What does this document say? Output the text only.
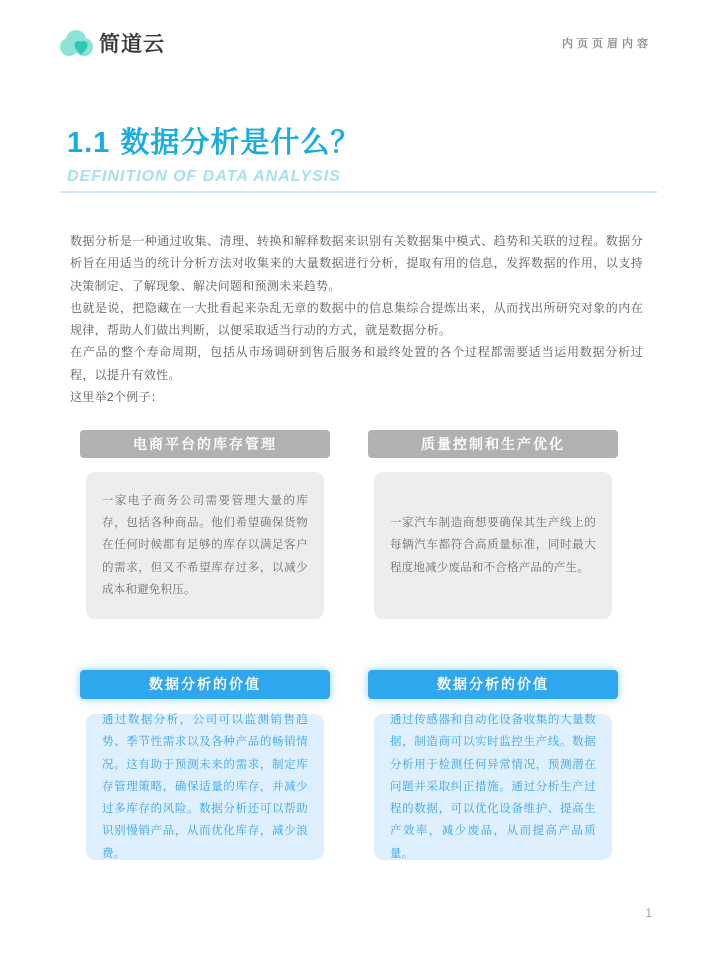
简道云	内页页眉内容
1.1 数据分析是什么？
DEFINITION OF DATA ANALYSIS

数据分析是一种通过收集、清理、转换和解释数据来识别有关数据集中模式、趋势和关联的过程。数据分析旨在用适当的统计分析方法对收集来的大量数据进行分析，提取有用的信息，发挥数据的作用，以支持决策制定、了解现象、解决问题和预测未来趋势。

也就是说，把隐藏在一大批看起来杂乱无章的数据中的信息集综合提炼出来，从而找出所研究对象的内在规律，帮助人们做出判断，以便采取适当行动的方式，就是数据分析。

在产品的整个寿命周期，包括从市场调研到售后服务和最终处置的各个过程都需要适当运用数据分析过程，以提升有效性。

这里举2个例子：

电商平台的库存管理
一家电子商务公司需要管理大量的库存，包括各种商品。他们希望确保货物在任何时候都有足够的库存以满足客户的需求，但又不希望库存过多，以减少成本和避免积压。
数据分析的价值
通过数据分析，公司可以监测销售趋势、季节性需求以及各种产品的畅销情况。这有助于预测未来的需求，制定库存管理策略，确保适量的库存，并减少过多库存的风险。数据分析还可以帮助识别慢销产品，从而优化库存，减少浪费。
质量控制和生产优化
一家汽车制造商想要确保其生产线上的每辆汽车都符合高质量标准，同时最大程度地减少废品和不合格产品的产生。
数据分析的价值
通过传感器和自动化设备收集的大量数据，制造商可以实时监控生产线。数据分析用于检测任何异常情况，预测潜在问题并采取纠正措施。通过分析生产过程的数据，可以优化设备维护、提高生产效率，减少废品，从而提高产品质量。
1
